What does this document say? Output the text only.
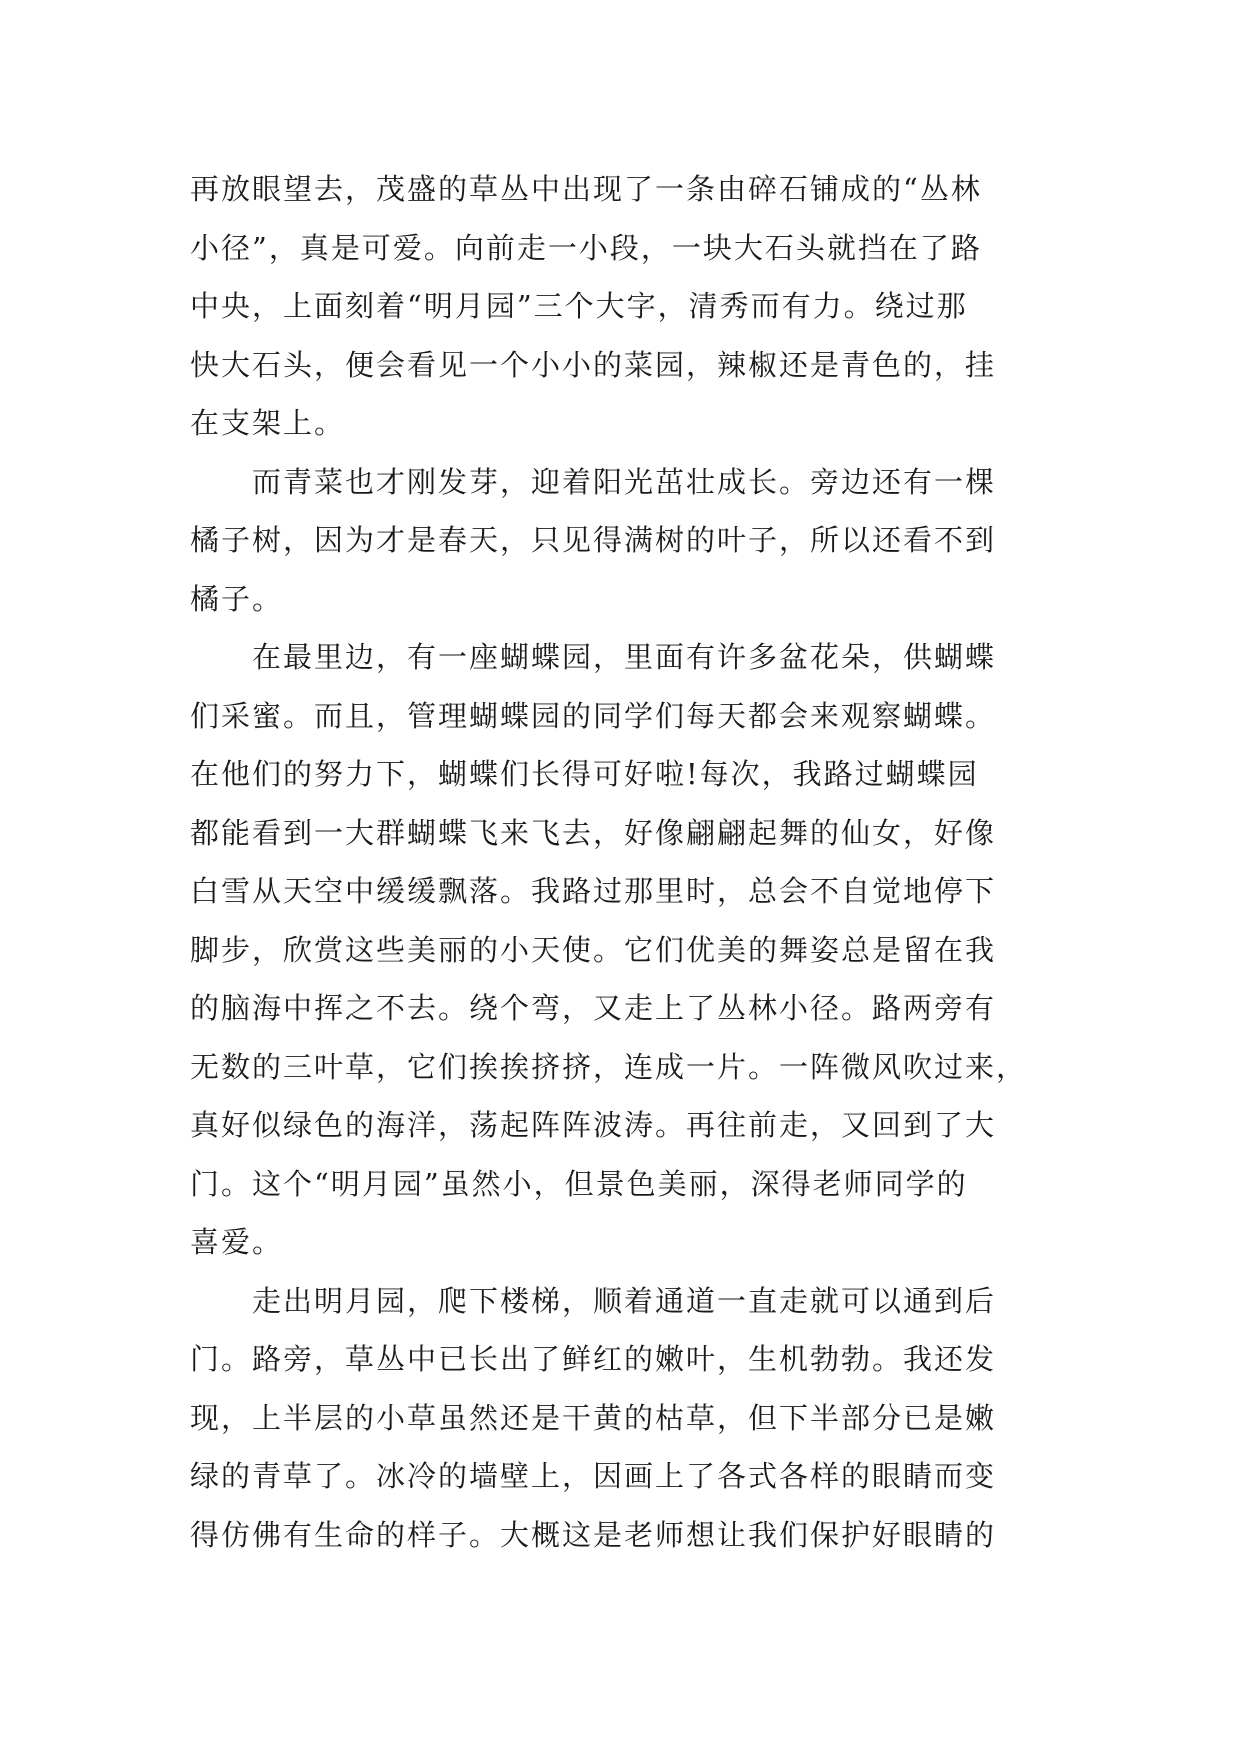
再放眼望去，茂盛的草丛中出现了一条由碎石铺成的“丛林
小径”，真是可爱。向前走一小段，一块大石头就挡在了路
中央，上面刻着“明月园”三个大字，清秀而有力。绕过那
快大石头，便会看见一个小小的菜园，辣椒还是青色的，挂
在支架上。
　　而青菜也才刚发芽，迎着阳光茁壮成长。旁边还有一棵
橘子树，因为才是春天，只见得满树的叶子，所以还看不到
橘子。
　　在最里边，有一座蝴蝶园，里面有许多盆花朵，供蝴蝶
们采蜜。而且，管理蝴蝶园的同学们每天都会来观察蝴蝶。
在他们的努力下，蝴蝶们长得可好啦!每次，我路过蝴蝶园
都能看到一大群蝴蝶飞来飞去，好像翩翩起舞的仙女，好像
白雪从天空中缓缓飘落。我路过那里时，总会不自觉地停下
脚步，欣赏这些美丽的小天使。它们优美的舞姿总是留在我
的脑海中挥之不去。绕个弯，又走上了丛林小径。路两旁有
无数的三叶草，它们挨挨挤挤，连成一片。一阵微风吹过来，
真好似绿色的海洋，荡起阵阵波涛。再往前走，又回到了大
门。这个“明月园”虽然小，但景色美丽，深得老师同学的
喜爱。
　　走出明月园，爬下楼梯，顺着通道一直走就可以通到后
门。路旁，草丛中已长出了鲜红的嫩叶，生机勃勃。我还发
现，上半层的小草虽然还是干黄的枯草，但下半部分已是嫩
绿的青草了。冰冷的墙壁上，因画上了各式各样的眼睛而变
得仿佛有生命的样子。大概这是老师想让我们保护好眼睛的
